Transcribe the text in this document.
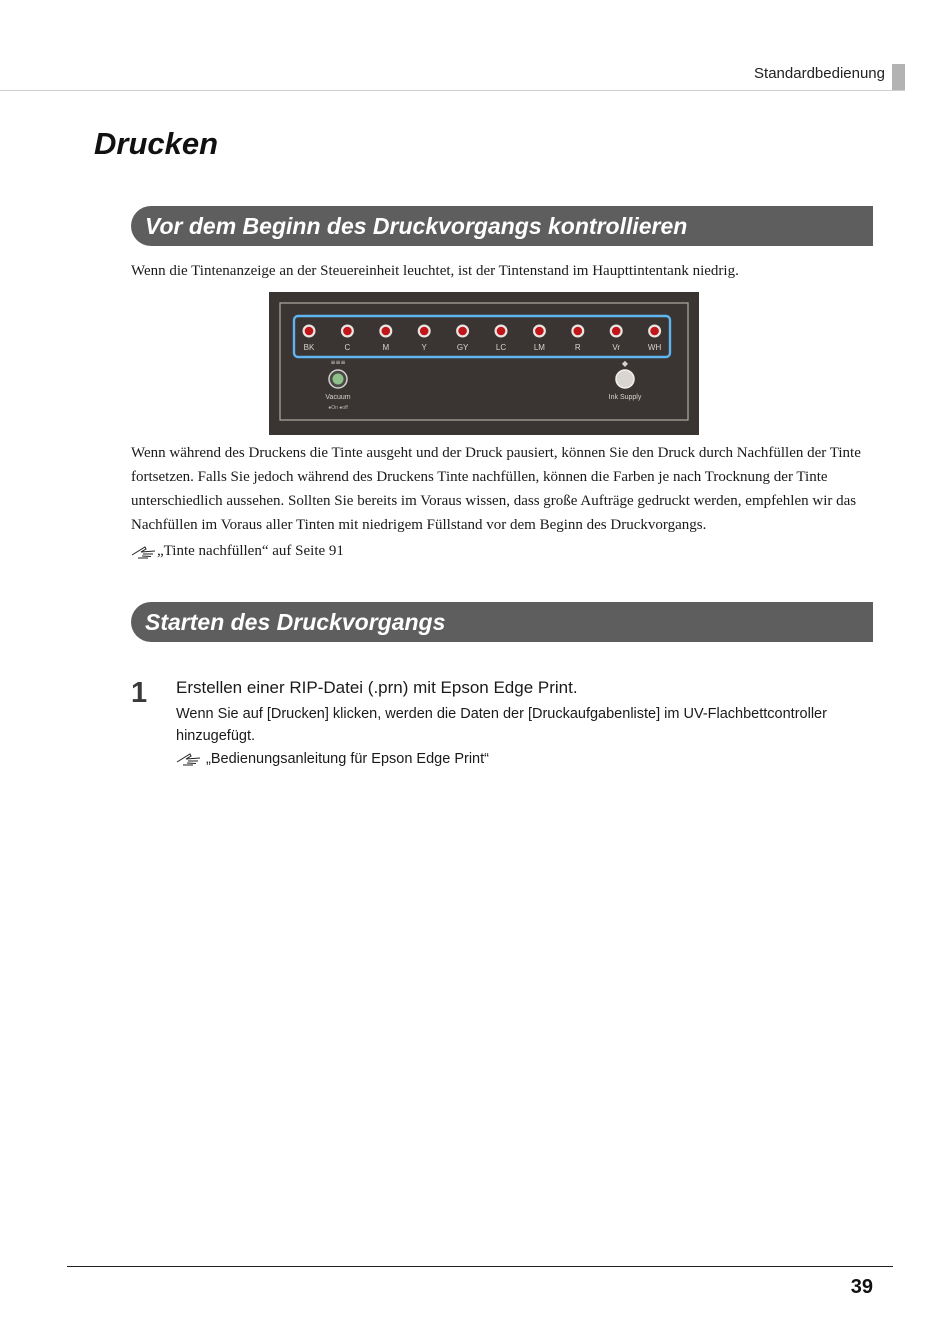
Standardbedienung
Drucken
Vor dem Beginn des Druckvorgangs kontrollieren

Wenn die Tintenanzeige an der Steuereinheit leuchtet, ist der Tintenstand im Haupttintentank niedrig.

BK	C	M	Y	GY	LC	LM	R	Vr	WH
≡≡≡
Vacuum
●On ●off
◆
Ink Supply

Wenn während des Druckens die Tinte ausgeht und der Druck pausiert, können Sie den Druck durch Nachfüllen der Tinte fortsetzen. Falls Sie jedoch während des Druckens Tinte nachfüllen, können die Farben je nach Trocknung der Tinte unterschiedlich aussehen. Sollten Sie bereits im Voraus wissen, dass große Aufträge gedruckt werden, empfehlen wir das Nachfüllen im Voraus aller Tinten mit niedrigem Füllstand vor dem Beginn des Druckvorgangs.

„Tinte nachfüllen“ auf Seite 91
Starten des Druckvorgangs
1 Erstellen einer RIP-Datei (.prn) mit Epson Edge Print.

Wenn Sie auf [Drucken] klicken, werden die Daten der [Druckaufgabenliste] im UV-Flachbettcontroller hinzugefügt.

„Bedienungsanleitung für Epson Edge Print“
39
